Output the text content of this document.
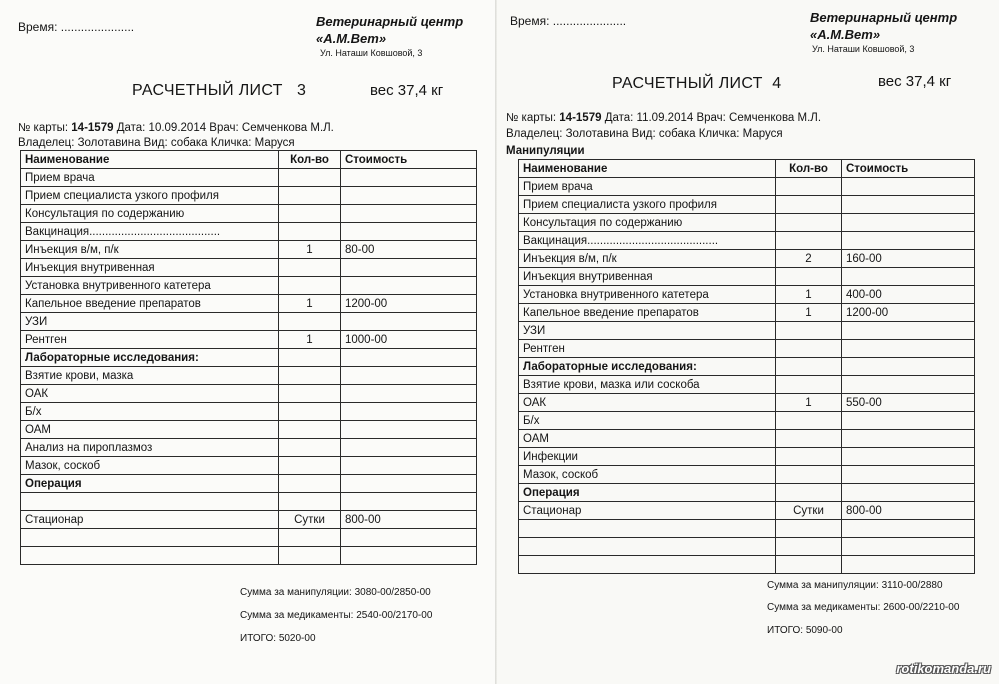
Время: ......................	Ветеринарный центр
«А.М.Вет»
Ул. Наташи Ковшовой, 3
РАСЧЕТНЫЙ ЛИСТ   3	вес 37,4 кг
№ карты: 14-1579 Дата: 10.09.2014 Врач: Семченкова М.Л.
Владелец: Золотавина Вид: собака Кличка: Маруся
Наименование	Кол-во	Стоимость
Прием врача		
Прием специалиста узкого профиля		
Консультация по содержанию		
Вакцинация.........................................		
Инъекция в/м, п/к	1	80-00
Инъекция внутривенная		
Установка внутривенного катетера		
Капельное введение препаратов	1	1200-00
УЗИ		
Рентген	1	1000-00
Лабораторные исследования:		
Взятие крови, мазка		
ОАК		
Б/х		
ОАМ		
Анализ на пироплазмоз		
Мазок, соскоб		
Операция		

Стационар	Сутки	800-00

Сумма за манипуляции: 3080-00/2850-00
Сумма за медикаменты: 2540-00/2170-00
ИТОГО: 5020-00
Время: ......................	Ветеринарный центр
«А.М.Вет»
Ул. Наташи Ковшовой, 3
РАСЧЕТНЫЙ ЛИСТ  4	вес 37,4 кг
№ карты: 14-1579 Дата: 11.09.2014 Врач: Семченкова М.Л.
Владелец: Золотавина Вид: собака Кличка: Маруся
Манипуляции
Наименование	Кол-во	Стоимость
Прием врача		
Прием специалиста узкого профиля		
Консультация по содержанию		
Вакцинация.........................................		
Инъекция в/м, п/к	2	160-00
Инъекция внутривенная		
Установка внутривенного катетера	1	400-00
Капельное введение препаратов	1	1200-00
УЗИ		
Рентген		
Лабораторные исследования:		
Взятие крови, мазка или соскоба		
ОАК	1	550-00
Б/х		
ОАМ		
Инфекции		
Мазок, соскоб		
Операция		
Стационар	Сутки	800-00

Сумма за манипуляции: 3110-00/2880
Сумма за медикаменты: 2600-00/2210-00
ИТОГО: 5090-00
rotikomanda.ru
